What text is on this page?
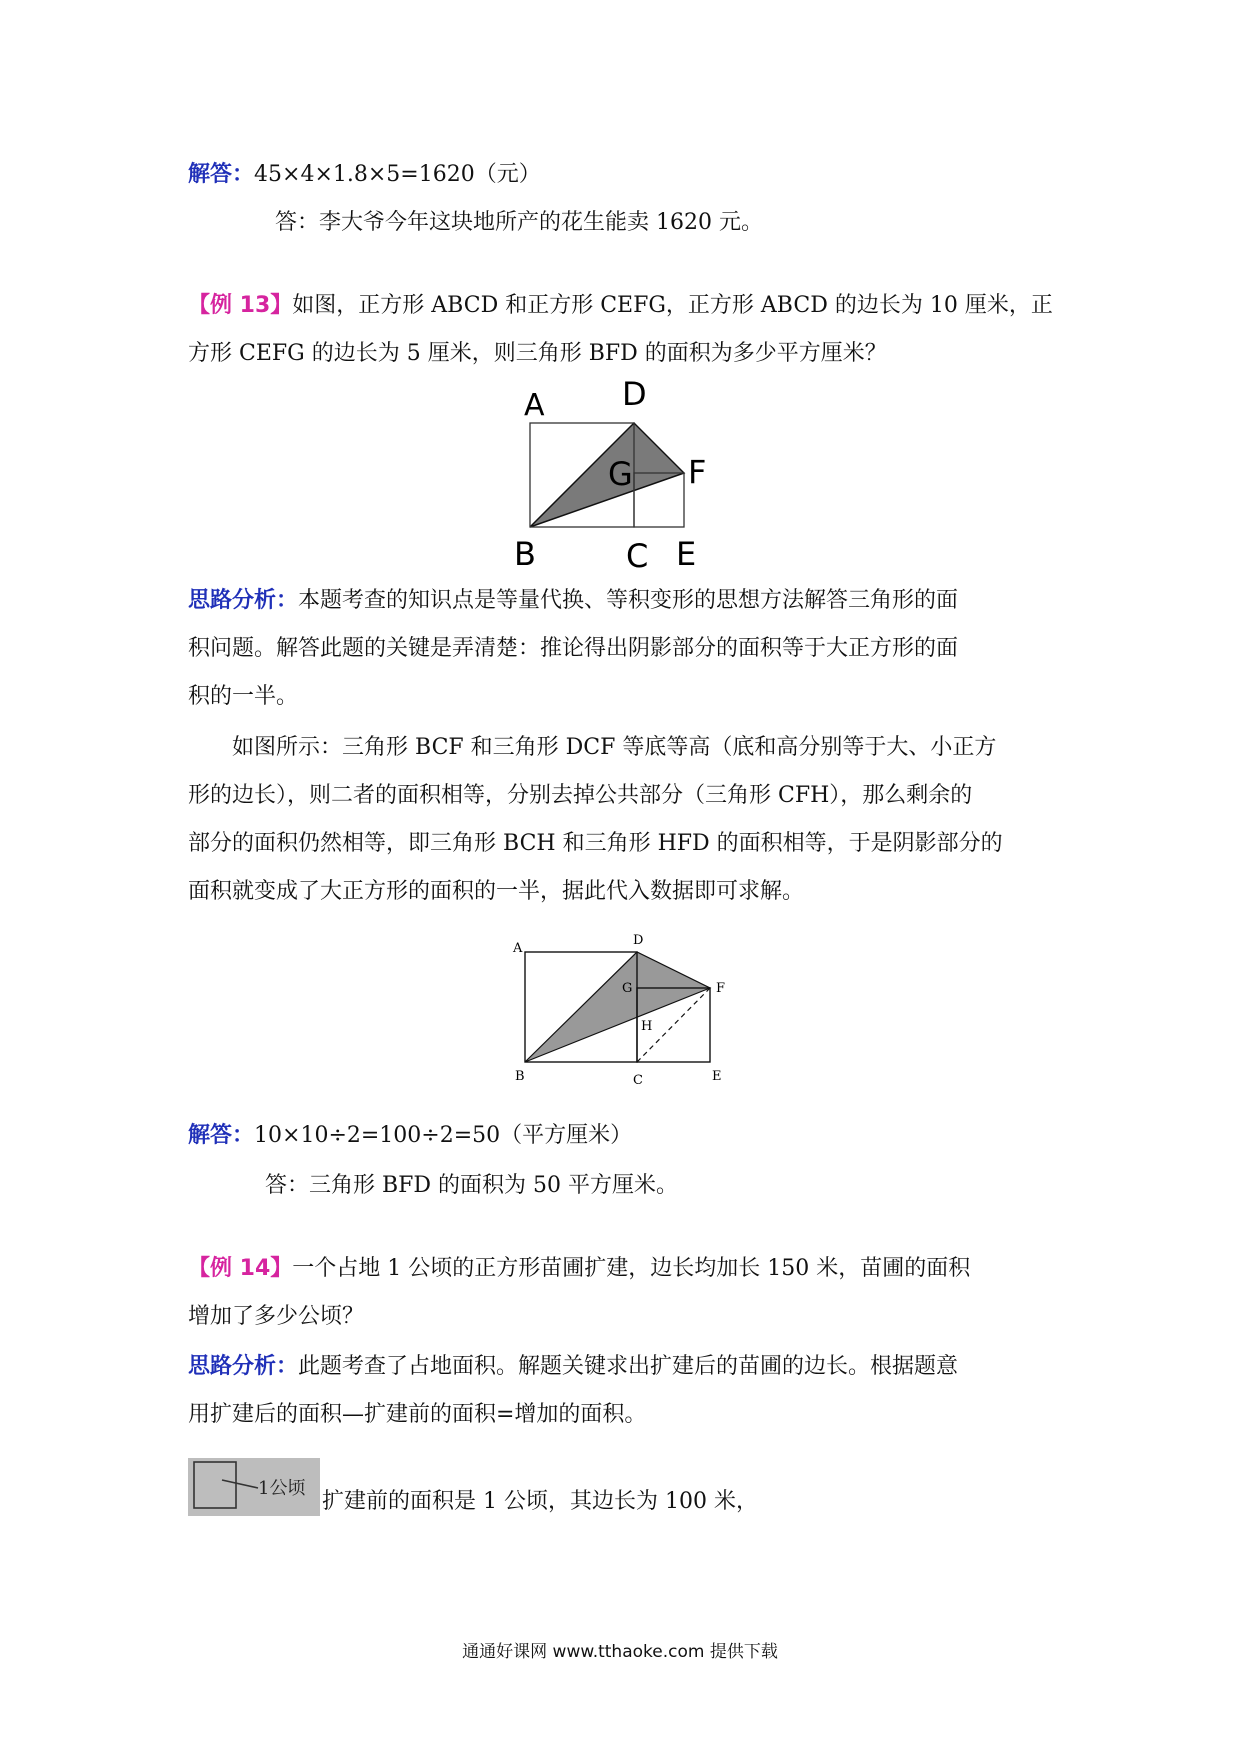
解答：45×4×1.8×5=1620（元）
答：李大爷今年这块地所产的花生能卖 1620 元。
【例 13】如图，正方形 ABCD 和正方形 CEFG，正方形 ABCD 的边长为 10 厘米，正
方形 CEFG 的边长为 5 厘米，则三角形 BFD 的面积为多少平方厘米？
A D
G F
B	C E
思路分析：本题考查的知识点是等量代换、等积变形的思想方法解答三角形的面
积问题。解答此题的关键是弄清楚：推论得出阴影部分的面积等于大正方形的面
积的一半。
如图所示：三角形 BCF 和三角形 DCF 等底等高（底和高分别等于大、小正方
形的边长），则二者的面积相等，分别去掉公共部分（三角形 CFH），那么剩余的
部分的面积仍然相等，即三角形 BCH 和三角形 HFD 的面积相等，于是阴影部分的
面积就变成了大正方形的面积的一半，据此代入数据即可求解。
A
D
G	F
H
B	C	E
解答：10×10÷2=100÷2=50（平方厘米）
答：三角形 BFD 的面积为 50 平方厘米。
【例 14】一个占地 1 公顷的正方形苗圃扩建，边长均加长 150 米，苗圃的面积
增加了多少公顷？
思路分析：此题考查了占地面积。解题关键求出扩建后的苗圃的边长。根据题意
用扩建后的面积—扩建前的面积=增加的面积。
1公顷
扩建前的面积是 1 公顷，其边长为 100 米，
通通好课网 www.tthaoke.com 提供下载
